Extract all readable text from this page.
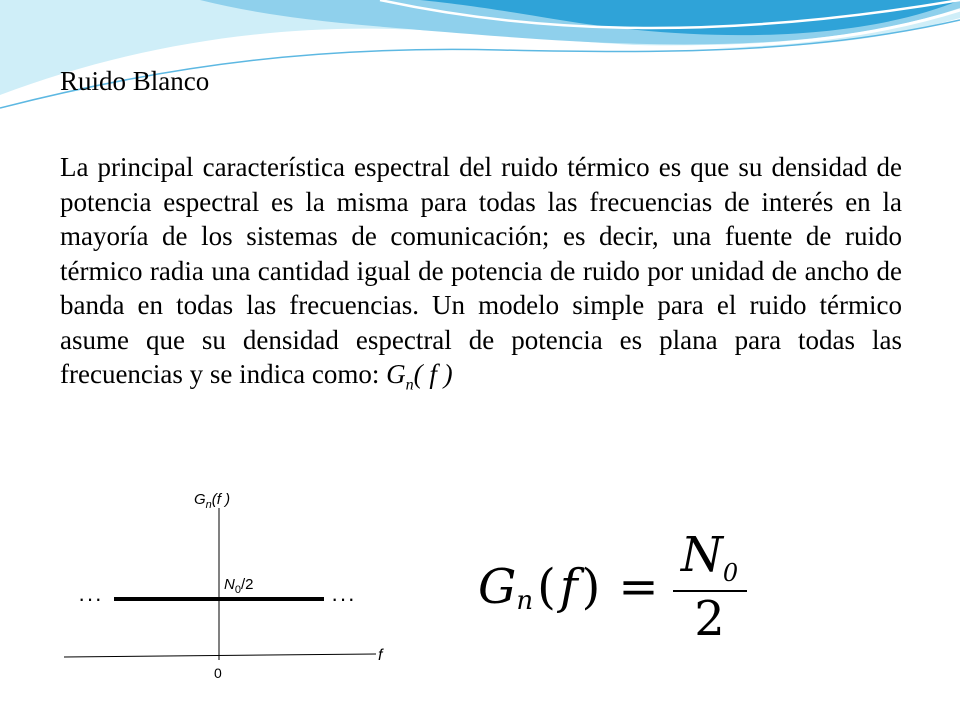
Ruido Blanco

La principal característica espectral del ruido térmico es que su densidad de potencia espectral es la misma para todas las frecuencias de interés en la mayoría de los sistemas de comunicación; es decir, una fuente de ruido térmico radia una cantidad igual de potencia de ruido por unidad de ancho de banda en todas las frecuencias. Un modelo simple para el ruido térmico asume que su densidad espectral de potencia es plana para todas las frecuencias y se indica como: $G_n$( f )

$G_n(f$ )
$N_0/2$
···	···
f
0
G n ( f ) = $\frac{N_0}{2}$
